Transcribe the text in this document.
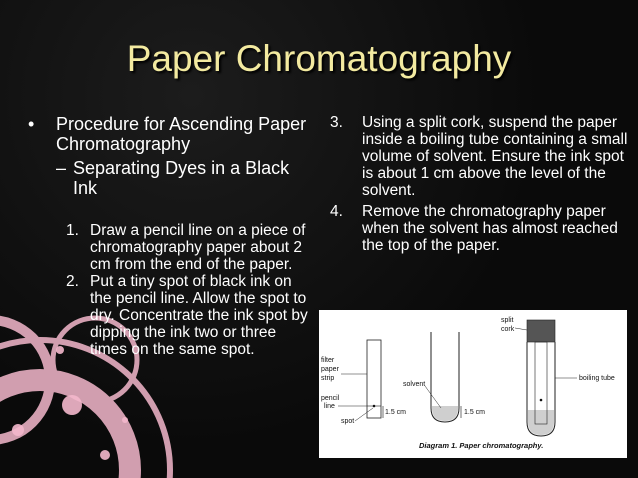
Paper Chromatography
•	Procedure for Ascending Paper Chromatography
– Separating Dyes in a Black Ink
1. Draw a pencil line on a piece of chromatography paper about 2 cm from the end of the paper.
2. Put a tiny spot of black ink on the pencil line. Allow the spot to dry. Concentrate the ink spot by dipping the ink two or three times on the same spot.
3.	Using a split cork, suspend the paper inside a boiling tube containing a small volume of solvent. Ensure the ink spot is about 1 cm above the level of the solvent.
4.	Remove the chromatography paper when the solvent has almost reached the top of the paper.
filter
paper
strip
pencil
line
spot
1.5 cm	1.5 cm
solvent
split
cork
boiling tube
Diagram 1. Paper chromatography.
